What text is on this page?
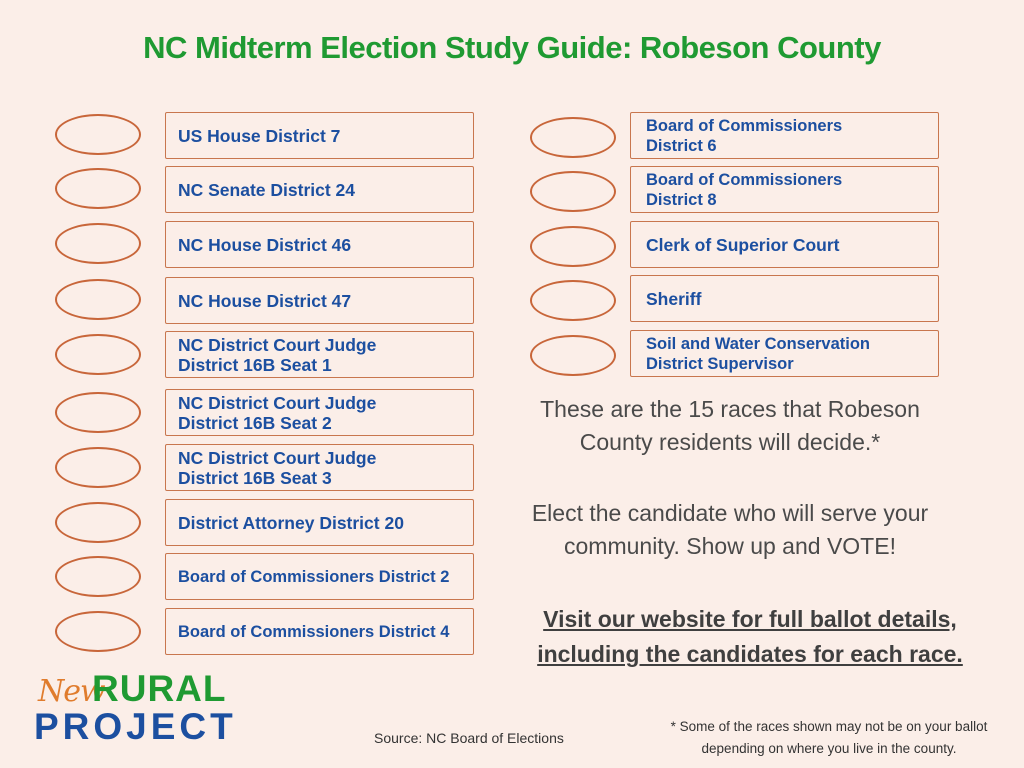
NC Midterm Election Study Guide: Robeson County
US House District 7
NC Senate District 24
NC House District 46
NC House District 47
NC District Court Judge
District 16B Seat 1
NC District Court Judge
District 16B Seat 2
NC District Court Judge
District 16B Seat 3
District Attorney District 20
Board of Commissioners District 2
Board of Commissioners District 4
Board of Commissioners
District 6
Board of Commissioners
District 8
Clerk of Superior Court
Sheriff
Soil and Water Conservation
District Supervisor
These are the 15 races that Robeson County residents will decide.*
Elect the candidate who will serve your community. Show up and VOTE!
Visit our website for full ballot details, including the candidates for each race.
Source: NC Board of Elections
* Some of the races shown may not be on your ballot depending on where you live in the county.
New
RURAL
PROJECT
